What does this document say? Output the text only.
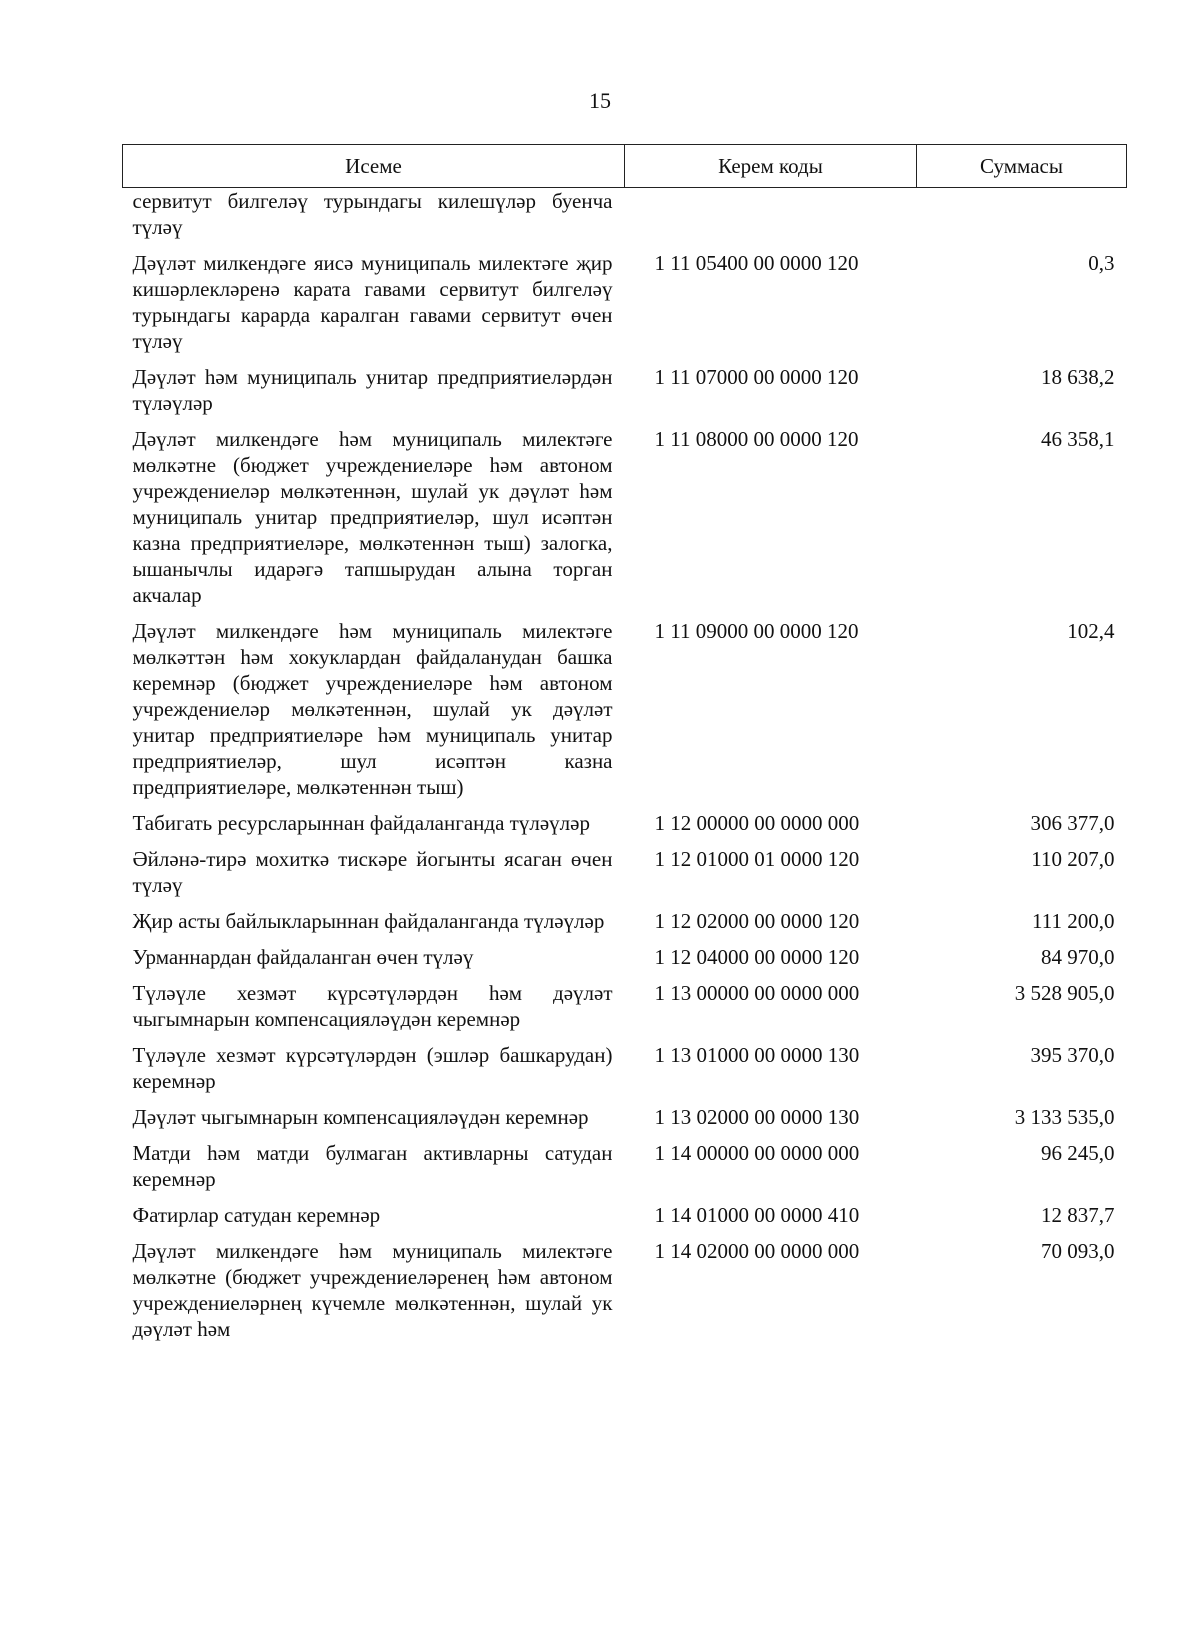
15
Исеме	Керем коды	Суммасы
сервитут билгеләү турындагы килешүләр буенча түләү		
Дәүләт милкендәге яисә муниципаль милектәге җир кишәрлекләренә карата гавами сервитут билгеләү турындагы карарда каралган гавами сервитут өчен түләү	1 11 05400 00 0000 120	0,3
Дәүләт һәм муниципаль унитар предприятиеләрдән түләүләр	1 11 07000 00 0000 120	18 638,2
Дәүләт милкендәге һәм муниципаль милектәге мөлкәтне (бюджет учреждениеләре һәм автоном учреждениеләр мөлкәтеннән, шулай ук дәүләт һәм муниципаль унитар предприятиеләр, шул исәптән казна предприятиеләре, мөлкәтеннән тыш) залогка, ышанычлы идарәгә тапшырудан алына торган акчалар	1 11 08000 00 0000 120	46 358,1
Дәүләт милкендәге һәм муниципаль милектәге мөлкәттән һәм хокуклардан файдаланудан башка керемнәр (бюджет учреждениеләре һәм автоном учреждениеләр мөлкәтеннән, шулай ук дәүләт унитар предприятиеләре һәм муниципаль унитар предприятиеләр, шул исәптән казна предприятиеләре, мөлкәтеннән тыш)	1 11 09000 00 0000 120	102,4
Табигать ресурсларыннан файдаланганда түләүләр	1 12 00000 00 0000 000	306 377,0
Әйләнә-тирә мохиткә тискәре йогынты ясаган өчен түләү	1 12 01000 01 0000 120	110 207,0
Җир асты байлыкларыннан файдаланганда түләүләр	1 12 02000 00 0000 120	111 200,0
Урманнардан файдаланган өчен түләү	1 12 04000 00 0000 120	84 970,0
Түләүле хезмәт күрсәтүләрдән һәм дәүләт чыгымнарын компенсацияләүдән керемнәр	1 13 00000 00 0000 000	3 528 905,0
Түләүле хезмәт күрсәтүләрдән (эшләр башкарудан) керемнәр	1 13 01000 00 0000 130	395 370,0
Дәүләт чыгымнарын компенсацияләүдән керемнәр	1 13 02000 00 0000 130	3 133 535,0
Матди һәм матди булмаган активларны сатудан керемнәр	1 14 00000 00 0000 000	96 245,0
Фатирлар сатудан керемнәр	1 14 01000 00 0000 410	12 837,7
Дәүләт милкендәге һәм муниципаль милектәге мөлкәтне (бюджет учреждениеләренең һәм автоном учреждениеләрнең күчемле мөлкәтеннән, шулай ук дәүләт һәм	1 14 02000 00 0000 000	70 093,0
